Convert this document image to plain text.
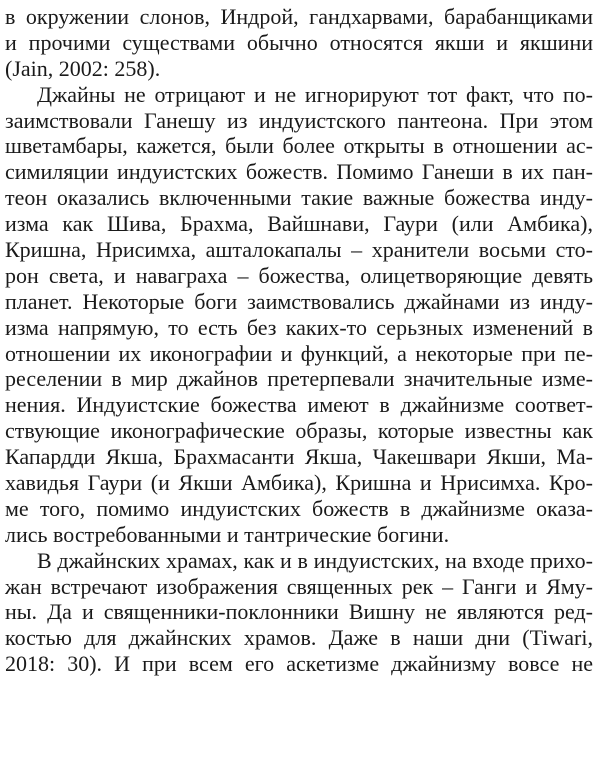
в окружении слонов, Индрой, гандхарвами, барабанщиками
и прочими существами обычно относятся якши и якшини
(Jain, 2002: 258).
Джайны не отрицают и не игнорируют тот факт, что по-
заимствовали Ганешу из индуистского пантеона. При этом
шветамбары, кажется, были более открыты в отношении ас-
симиляции индуистских божеств. Помимо Ганеши в их пан-
теон оказались включенными такие важные божества инду-
изма как Шива, Брахма, Вайшнави, Гаури (или Амбика),
Кришна, Нрисимха, ашталокапалы – хранители восьми сто-
рон света, и наваграха – божества, олицетворяющие девять
планет. Некоторые боги заимствовались джайнами из инду-
изма напрямую, то есть без каких-то серьзных изменений в
отношении их иконографии и функций, а некоторые при пе-
реселении в мир джайнов претерпевали значительные изме-
нения. Индуистские божества имеют в джайнизме соответ-
ствующие иконографические образы, которые известны как
Капардди Якша, Брахмасанти Якша, Чакешвари Якши, Ма-
хавидья Гаури (и Якши Амбика), Кришна и Нрисимха. Кро-
ме того, помимо индуистских божеств в джайнизме оказа-
лись востребованными и тантрические богини.
В джайнских храмах, как и в индуистских, на входе прихо-
жан встречают изображения священных рек – Ганги и Яму-
ны. Да и священники-поклонники Вишну не являются ред-
костью для джайнских храмов. Даже в наши дни (Tiwari,
2018: 30). И при всем его аскетизме джайнизму вовсе не
